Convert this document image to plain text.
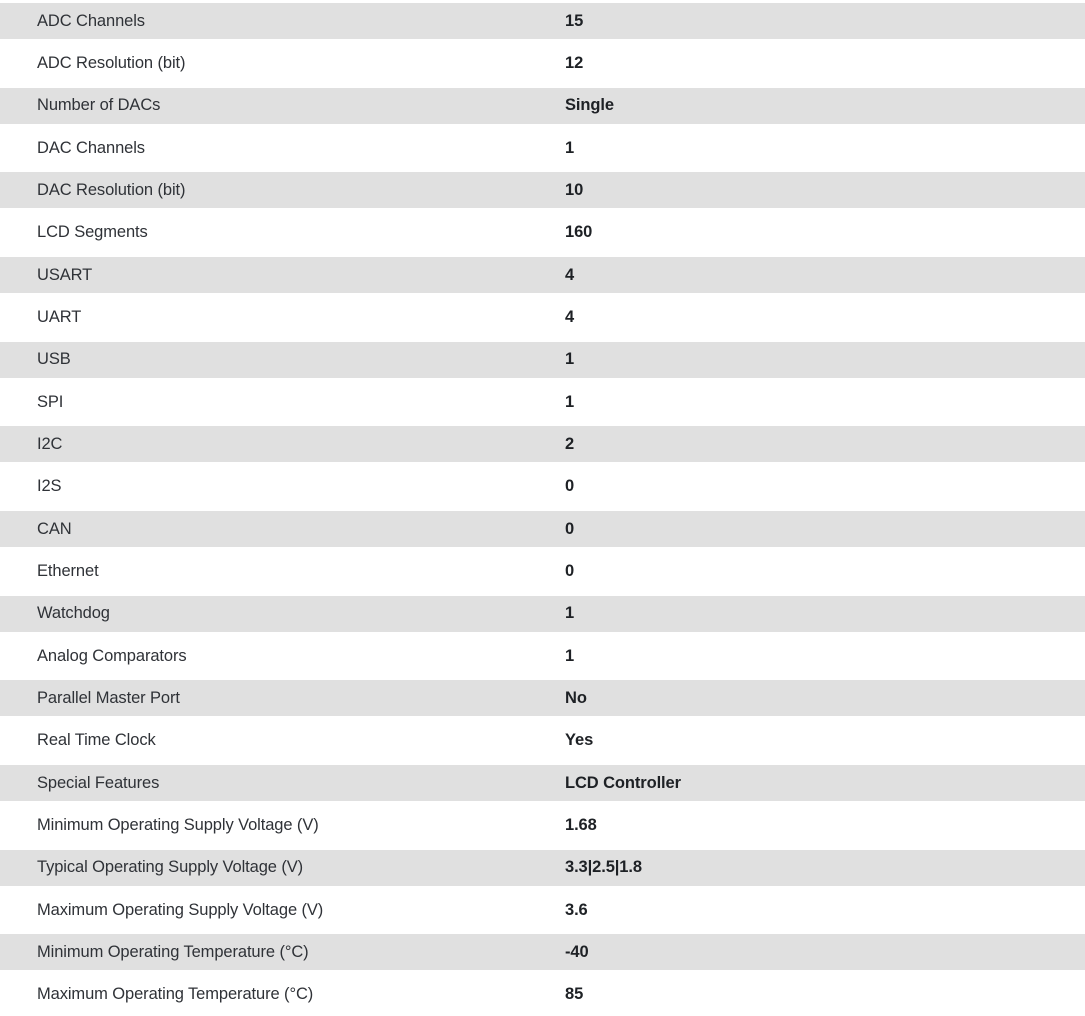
ADC Channels	15
ADC Resolution (bit)	12
Number of DACs	Single
DAC Channels	1
DAC Resolution (bit)	10
LCD Segments	160
USART	4
UART	4
USB	1
SPI	1
I2C	2
I2S	0
CAN	0
Ethernet	0
Watchdog	1
Analog Comparators	1
Parallel Master Port	No
Real Time Clock	Yes
Special Features	LCD Controller
Minimum Operating Supply Voltage (V)	1.68
Typical Operating Supply Voltage (V)	3.3|2.5|1.8
Maximum Operating Supply Voltage (V)	3.6
Minimum Operating Temperature (°C)	-40
Maximum Operating Temperature (°C)	85
